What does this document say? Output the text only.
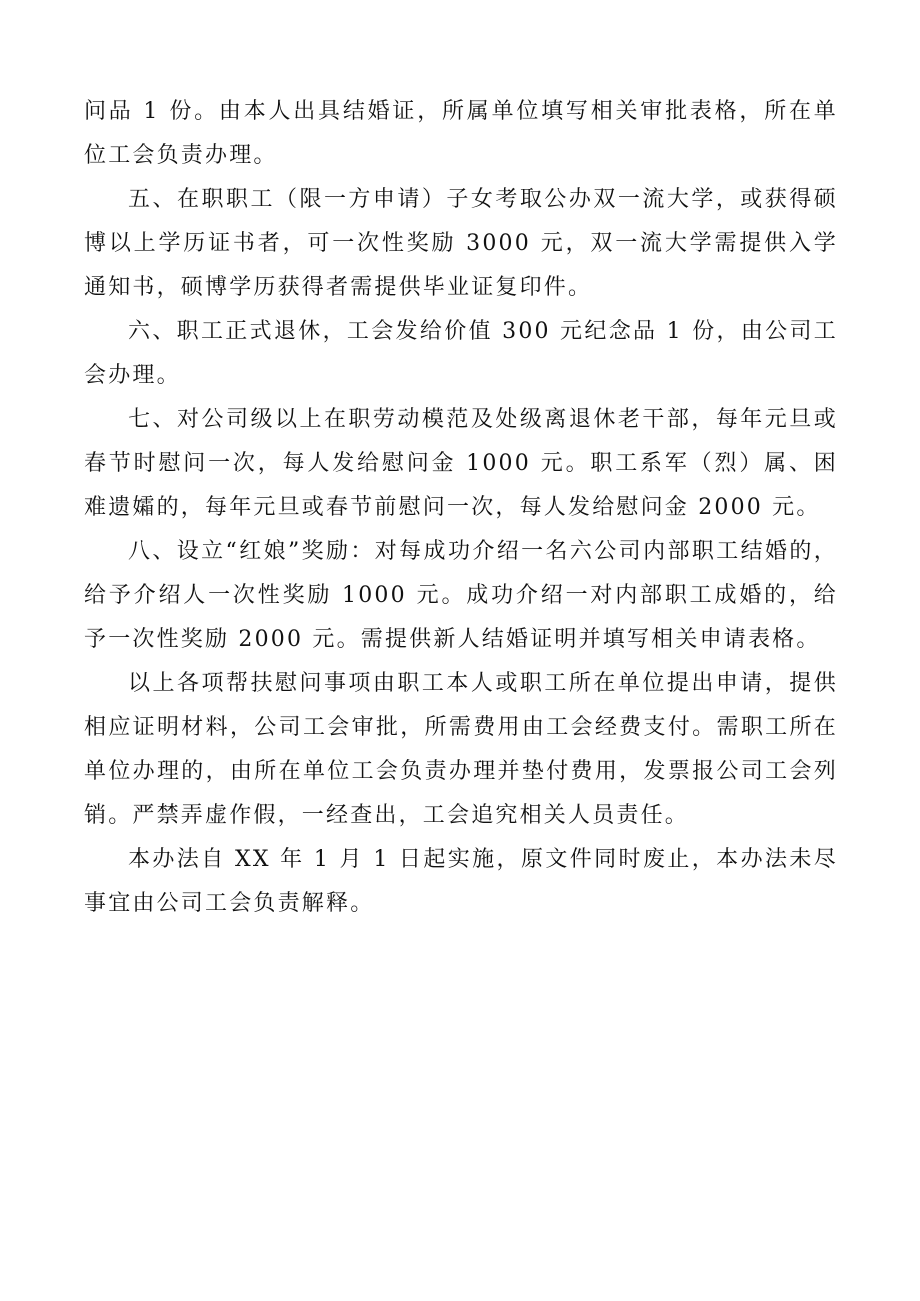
问品 1 份。由本人出具结婚证，所属单位填写相关审批表格，所在单位工会负责办理。

五、在职职工（限一方申请）子女考取公办双一流大学，或获得硕博以上学历证书者，可一次性奖励 3000 元，双一流大学需提供入学通知书，硕博学历获得者需提供毕业证复印件。

六、职工正式退休，工会发给价值 300 元纪念品 1 份，由公司工会办理。

七、对公司级以上在职劳动模范及处级离退休老干部，每年元旦或春节时慰问一次，每人发给慰问金 1000 元。职工系军（烈）属、困难遗孀的，每年元旦或春节前慰问一次，每人发给慰问金 2000 元。

八、设立“红娘”奖励：对每成功介绍一名六公司内部职工结婚的，给予介绍人一次性奖励 1000 元。成功介绍一对内部职工成婚的，给予一次性奖励 2000 元。需提供新人结婚证明并填写相关申请表格。

以上各项帮扶慰问事项由职工本人或职工所在单位提出申请，提供相应证明材料，公司工会审批，所需费用由工会经费支付。需职工所在单位办理的，由所在单位工会负责办理并垫付费用，发票报公司工会列销。严禁弄虚作假，一经查出，工会追究相关人员责任。

本办法自 XX 年 1 月 1 日起实施，原文件同时废止，本办法未尽事宜由公司工会负责解释。
